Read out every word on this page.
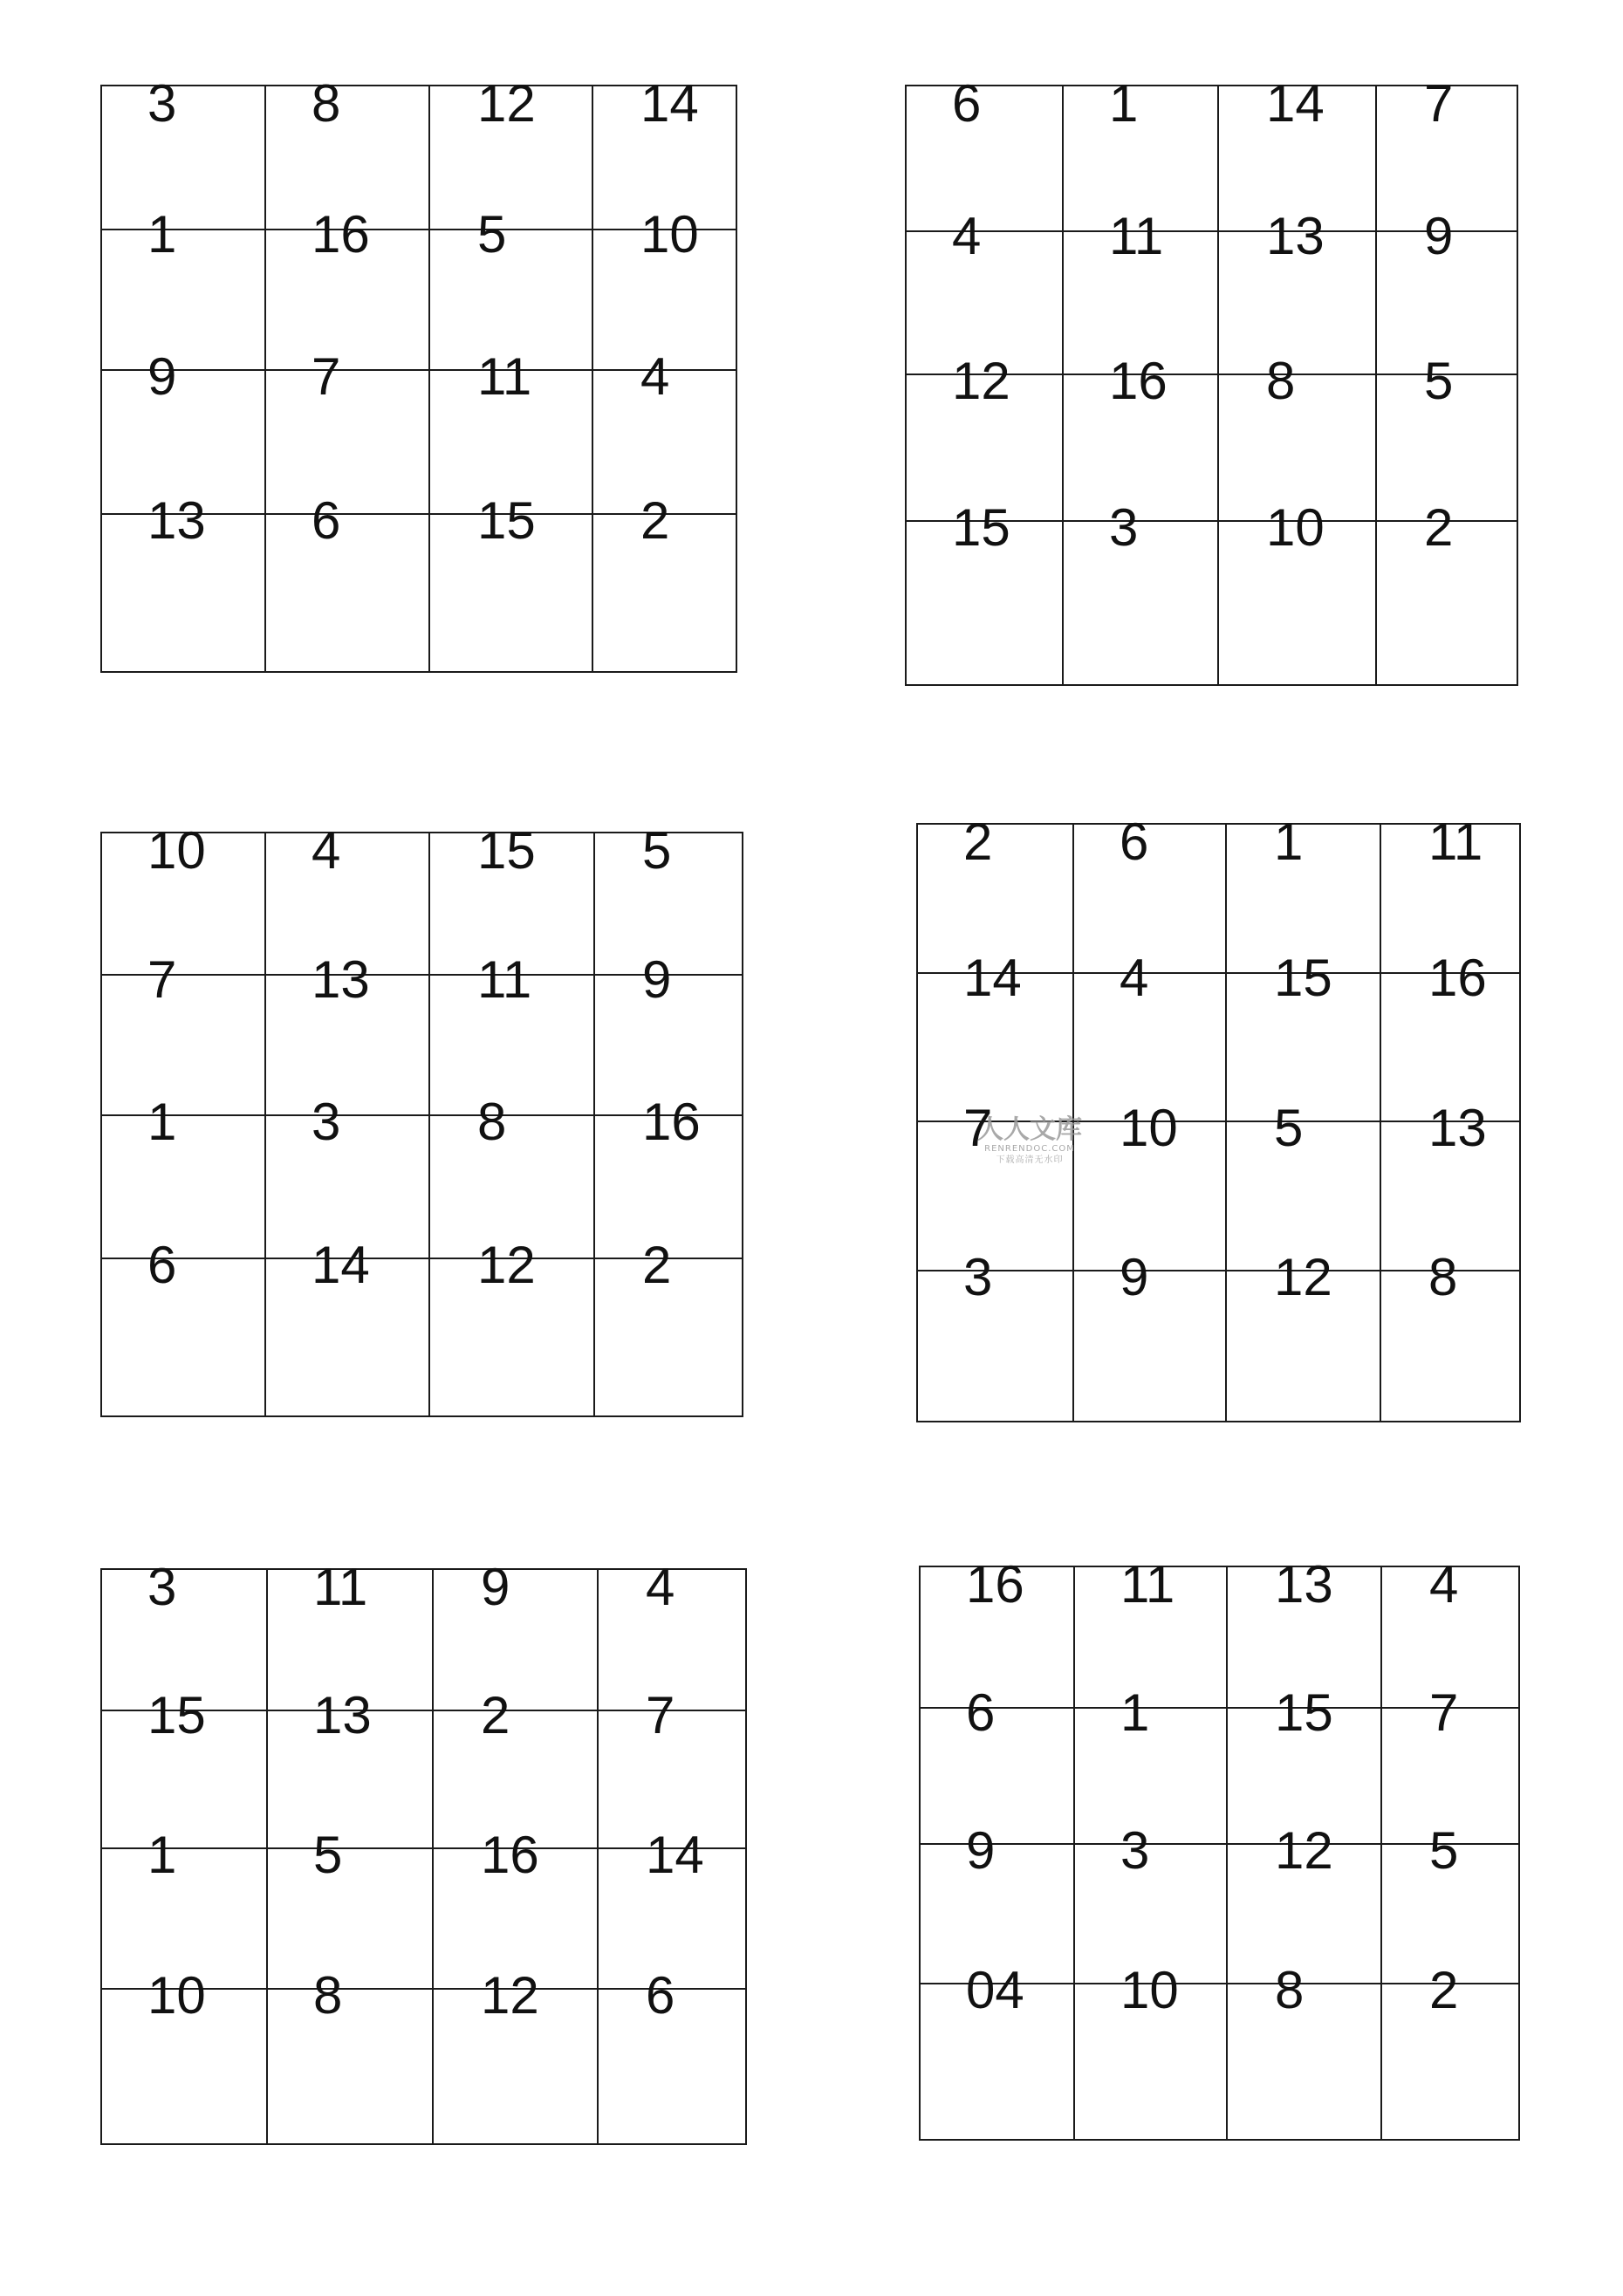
3	8	12 14
1	16 5	10
9	7	11 4
13 6	15 2
6 1 14 7
4 11 13 9
12 16 8 5
15 3 10 2
10 4	15 5
7	13 11 9
1	3	8	16
6	14 12 2
2 6 1 11
14 4 15 16
7 10 5 13
3 9 12 8
3	11 9	4
15 13 2	7
1	5	16 14
10 8	12 6
16 11 13 4
6 1 15 7
9 3 12 5
04 10 8 2
人人文库
RENRENDOC.COM
下载高清无水印
